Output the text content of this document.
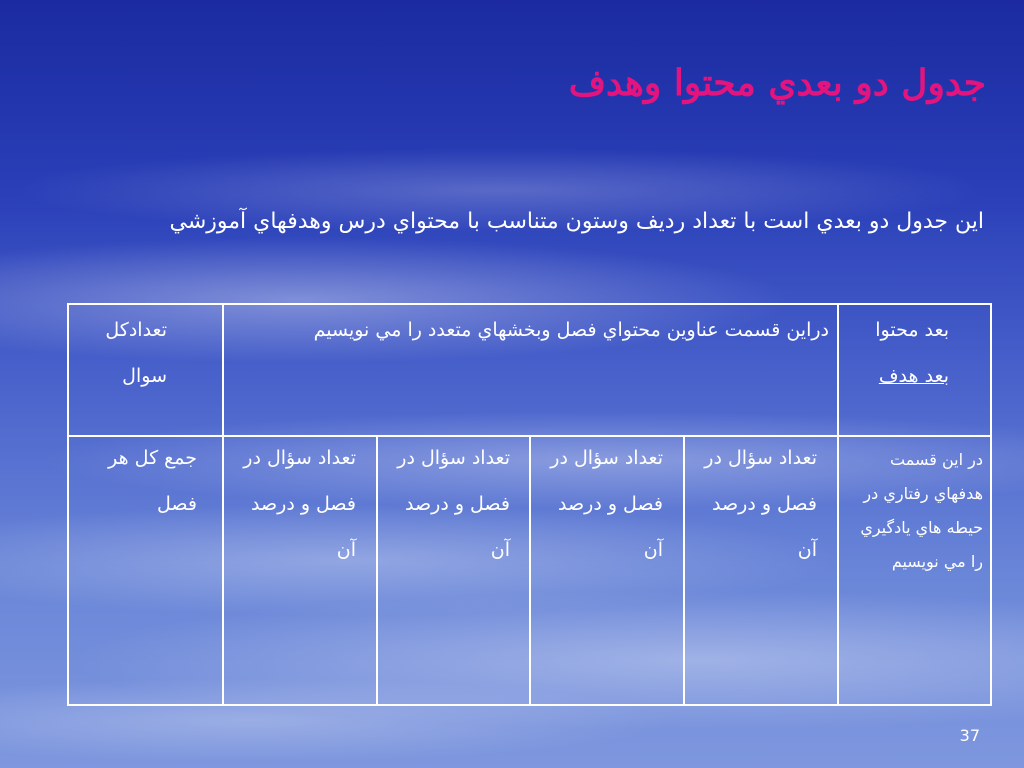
جدول دو بعدي محتوا وهدف
اين جدول دو بعدي است با تعداد رديف وستون متناسب با محتواي درس وهدفهاي آموزشي
بعد محتوا
بعد هدف
دراين قسمت عناوين محتواي فصل وبخشهاي متعدد را مي نويسيم
تعدادكل سوال
در اين قسمت هدفهاي رفتاري در حيطه هاي يادگيري را مي نويسيم
تعداد سؤال در فصل و درصد آن
تعداد سؤال در فصل و درصد آن
تعداد سؤال در فصل و درصد آن
تعداد سؤال در فصل و درصد آن
جمع كل هر فصل
37
